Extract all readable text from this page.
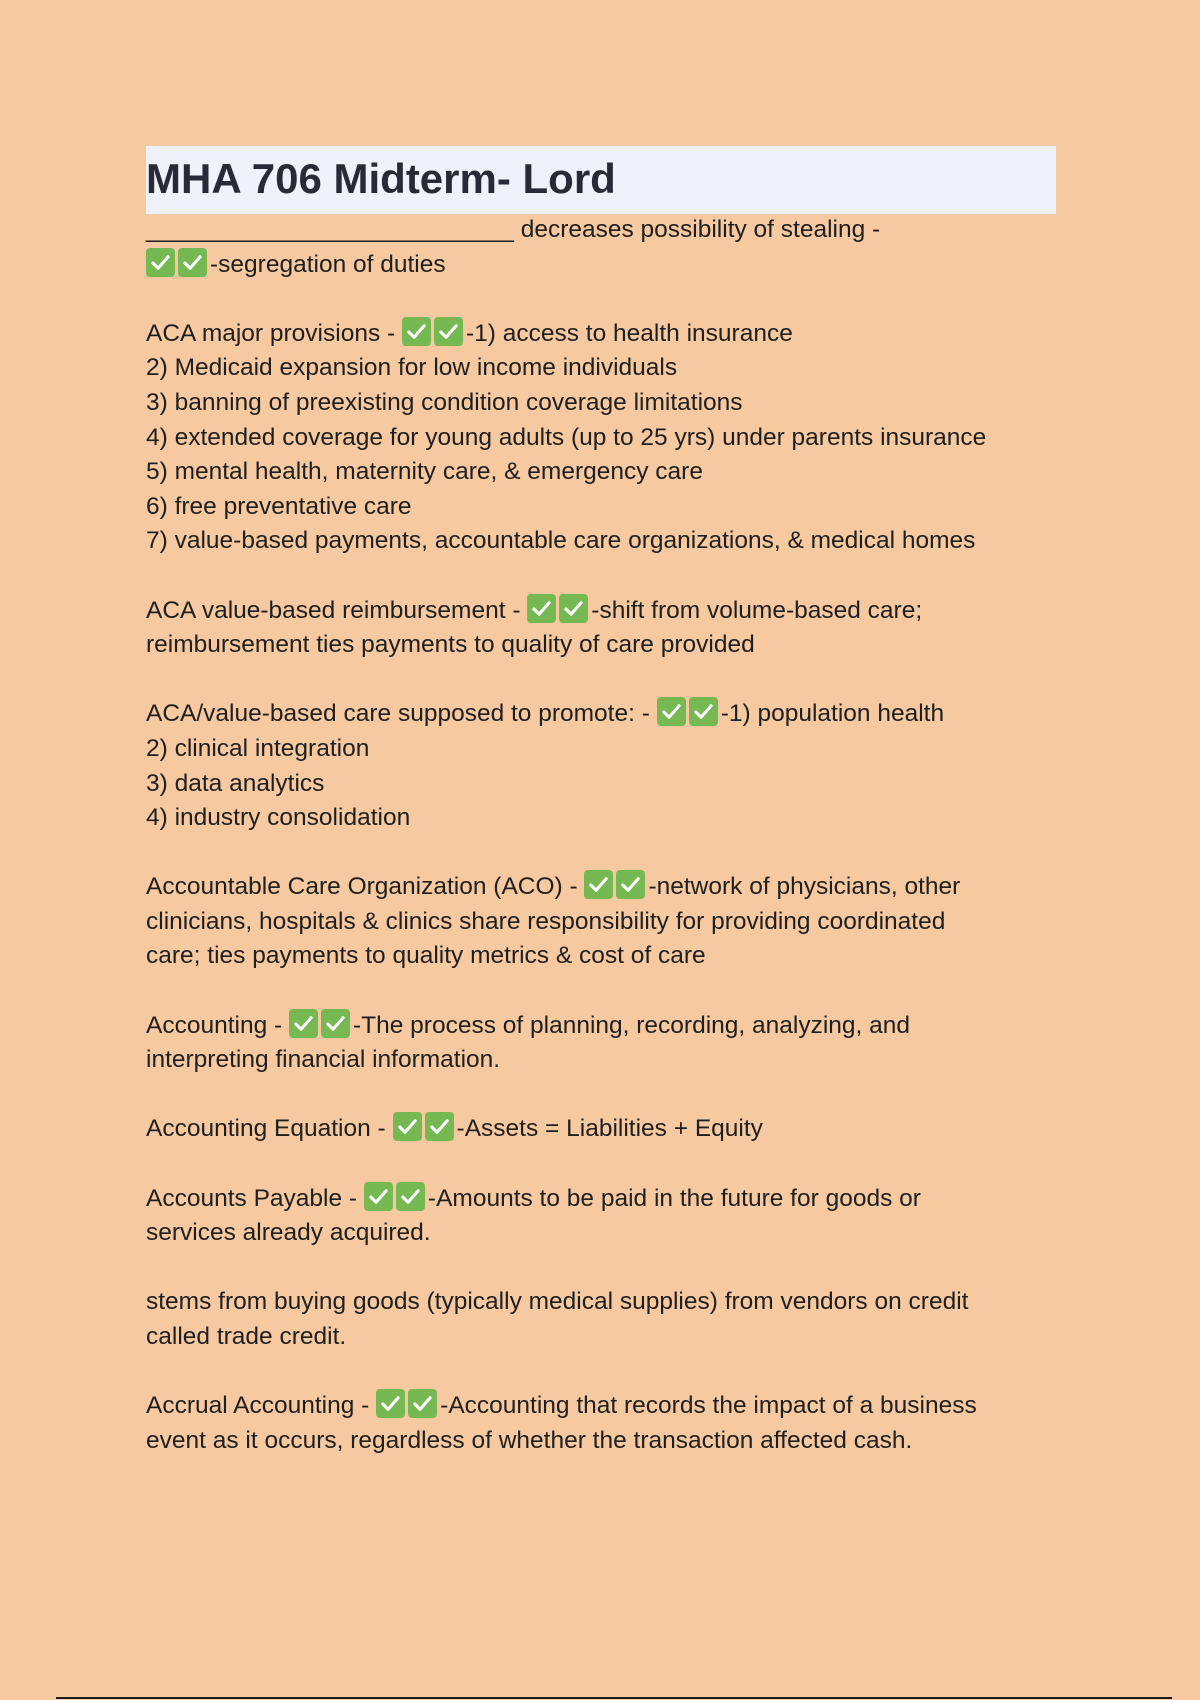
MHA 706 Midterm- Lord
___________________________ decreases possibility of stealing -
-segregation of duties
ACA major provisions -	-1) access to health insurance
2) Medicaid expansion for low income individuals
3) banning of preexisting condition coverage limitations
4) extended coverage for young adults (up to 25 yrs) under parents insurance
5) mental health, maternity care, & emergency care
6) free preventative care
7) value-based payments, accountable care organizations, & medical homes
ACA value-based reimbursement -	-shift from volume-based care;
reimbursement ties payments to quality of care provided
ACA/value-based care supposed to promote: -	-1) population health
2) clinical integration
3) data analytics
4) industry consolidation
Accountable Care Organization (ACO) -	-network of physicians, other
clinicians, hospitals & clinics share responsibility for providing coordinated
care; ties payments to quality metrics & cost of care
Accounting -	-The process of planning, recording, analyzing, and
interpreting financial information.
Accounting Equation -	-Assets = Liabilities + Equity
Accounts Payable -	-Amounts to be paid in the future for goods or
services already acquired.
stems from buying goods (typically medical supplies) from vendors on credit
called trade credit.
Accrual Accounting -	-Accounting that records the impact of a business
event as it occurs, regardless of whether the transaction affected cash.
